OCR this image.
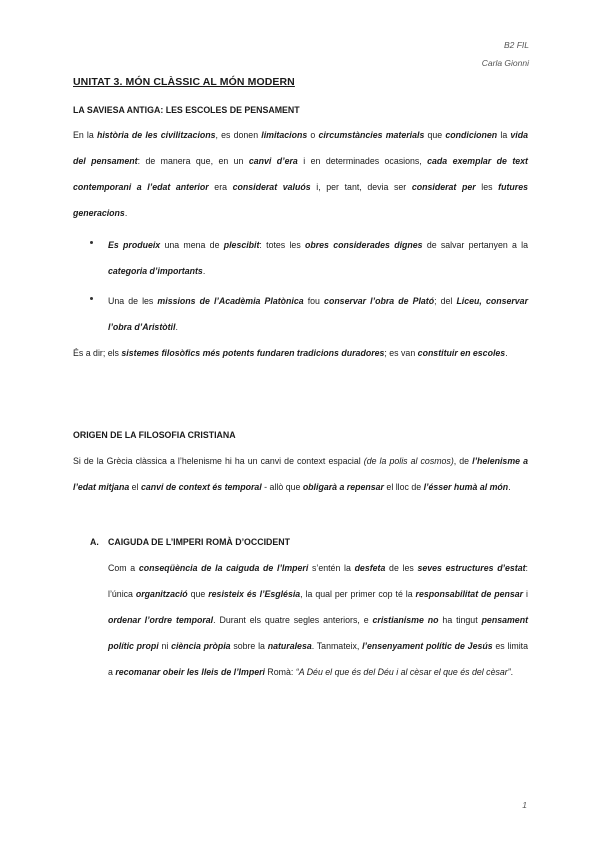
B2 FIL
Carla Gionni
UNITAT 3. MÓN CLÀSSIC AL MÓN MODERN
LA SAVIESA ANTIGA: LES ESCOLES DE PENSAMENT

En la història de les civilitzacions, es donen limitacions o circumstàncies materials que condicionen la vida del pensament: de manera que, en un canvi d’era i en determinades ocasions, cada exemplar de text contemporani a l’edat anterior era considerat valuós i, per tant, devia ser considerat per les futures generacions.

Es produeix una mena de plescibit: totes les obres considerades dignes de salvar pertanyen a la categoria d’importants.

Una de les missions de l’Acadèmia Platònica fou conservar l’obra de Plató; del Liceu, conservar l’obra d’Aristòtil.

És a dir; els sistemes filosòfics més potents fundaren tradicions duradores; es van constituir en escoles.

ORIGEN DE LA FILOSOFIA CRISTIANA

Si de la Grècia clàssica a l’helenisme hi ha un canvi de context espacial (de la polis al cosmos), de l’helenisme a l’edat mitjana el canvi de context és temporal - allò que obligarà a repensar el lloc de l’ésser humà al món.

A. CAIGUDA DE L’IMPERI ROMÀ D’OCCIDENT

Com a conseqüència de la caiguda de l’Imperi s’entén la desfeta de les seves estructures d’estat: l’única organització que resisteix és l’Església, la qual per primer cop té la responsabilitat de pensar i ordenar l’ordre temporal. Durant els quatre segles anteriors, e cristianisme no ha tingut pensament polític propi ni ciència pròpia sobre la naturalesa. Tanmateix, l’ensenyament polític de Jesús es limita a recomanar obeir les lleis de l’Imperi Romà: “A Déu el que és del Déu i al cèsar el que és del cèsar”.

1
